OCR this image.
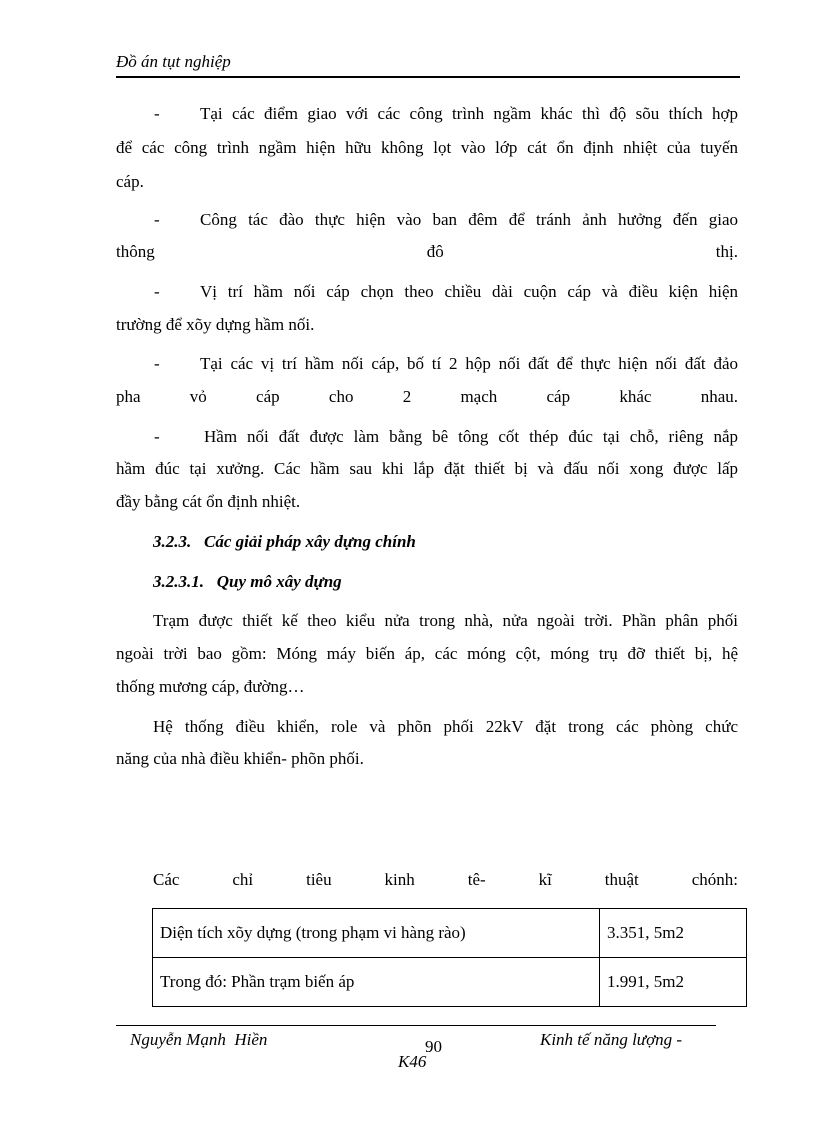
Đồ án tụt nghiệp
- Tại các điểm giao với các công trình ngầm khác thì độ sõu thích hợp
để các công trình ngầm hiện hữu không lọt vào lớp cát ổn định nhiệt của tuyến
cáp.
- Công tác đào thực hiện vào ban đêm để tránh ảnh hưởng đến giao
thông	đô	thị.
- Vị trí hầm nối cáp chọn theo chiều dài cuộn cáp và điều kiện hiện
trường để xõy dựng hầm nối.
- Tại các vị trí hầm nối cáp, bố tí 2 hộp nối đất để thực hiện nối đất đảo
pha vỏ cáp cho 2 mạch cáp khác nhau.
-	Hầm nối đất được làm bằng bê tông cốt thép đúc tại chỗ, riêng nắp
hầm đúc tại xưởng. Các hầm sau khi lắp đặt thiết bị và đấu nối xong được lấp
đầy bằng cát ổn định nhiệt.
3.2.3.   Các giải pháp xây dựng chính
3.2.3.1.   Quy mô xây dựng
Trạm được thiết kế theo kiểu nửa trong nhà, nửa ngoài trời. Phần phân phối
ngoài trời bao gồm: Móng máy biến áp, các móng cột, móng trụ đỡ thiết bị, hệ
thống mương cáp, đường…
Hệ thống điều khiển, role và phõn phối 22kV đặt trong các phòng chức
năng của nhà điều khiển- phõn phối.
Các chỉ tiêu kinh tê- kĩ thuật chónh:
Diện tích xõy dựng (trong phạm vi hàng rào)	3.351, 5m2
Trong đó: Phần trạm biến áp	1.991, 5m2
Nguyễn Mạnh  Hiền	90	Kinh tế năng lượng -
K46
